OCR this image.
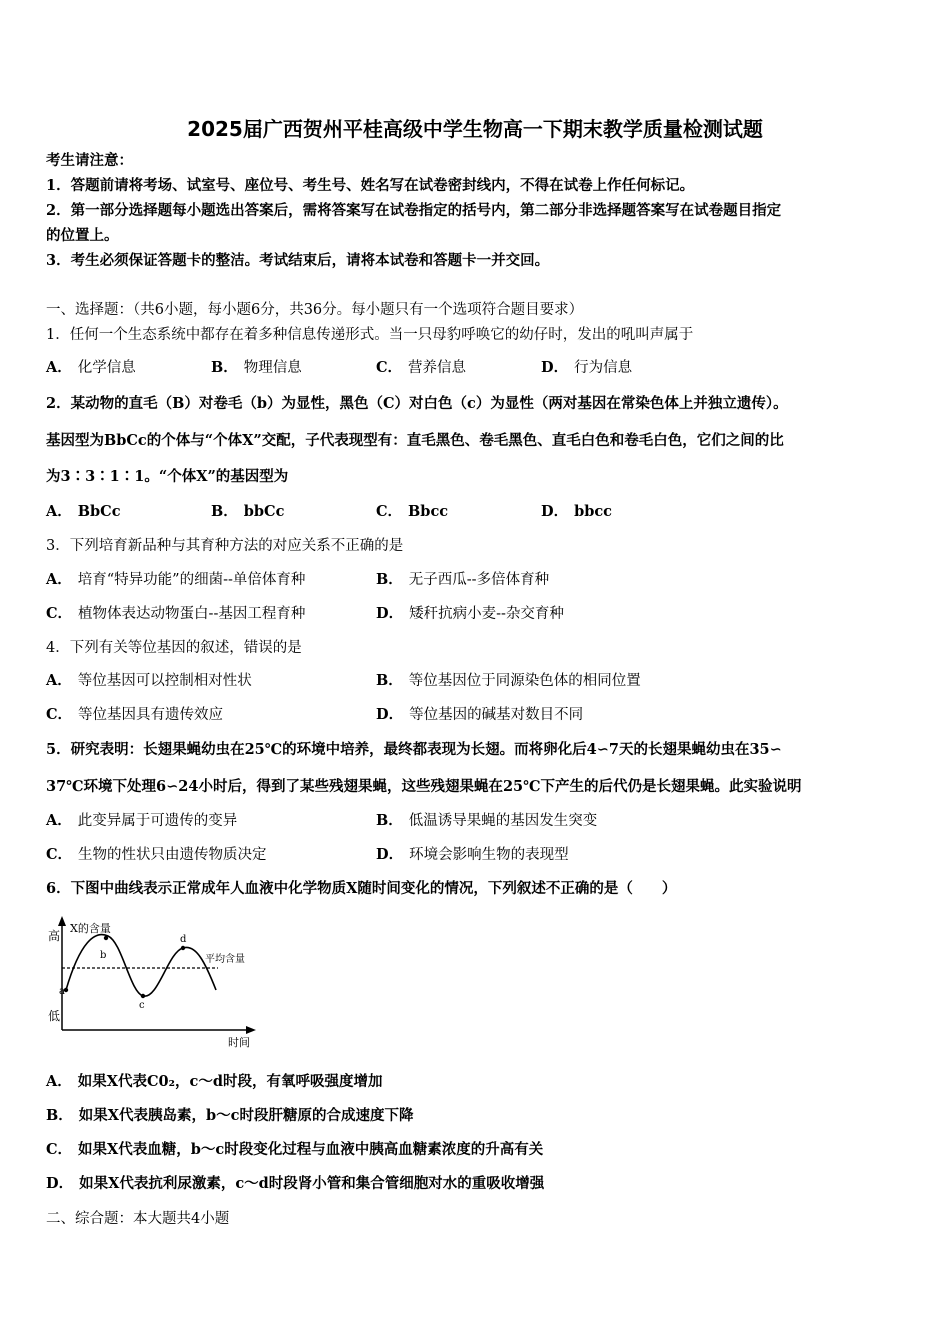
2025届广西贺州平桂高级中学生物高一下期末教学质量检测试题
考生请注意：
1．答题前请将考场、试室号、座位号、考生号、姓名写在试卷密封线内，不得在试卷上作任何标记。
2．第一部分选择题每小题选出答案后，需将答案写在试卷指定的括号内，第二部分非选择题答案写在试卷题目指定
的位置上。
3．考生必须保证答题卡的整洁。考试结束后，请将本试卷和答题卡一并交回。
一、选择题：（共6小题，每小题6分，共36分。每小题只有一个选项符合题目要求）
1．任何一个生态系统中都存在着多种信息传递形式。当一只母豹呼唤它的幼仔时，发出的吼叫声属于
A． 化学信息	B． 物理信息	C． 营养信息	D． 行为信息
2．某动物的直毛（B）对卷毛（b）为显性，黑色（C）对白色（c）为显性（两对基因在常染色体上并独立遗传）。
基因型为BbCc的个体与“个体X”交配，子代表现型有：直毛黑色、卷毛黑色、直毛白色和卷毛白色，它们之间的比
为3∶3∶1∶1。“个体X”的基因型为
A． BbCc	C． Bbcc
B． bbCc	D． bbcc
3．下列培育新品种与其育种方法的对应关系不正确的是
A． 培育“特异功能”的细菌--单倍体育种	B． 无子西瓜--多倍体育种
C． 植物体表达动物蛋白--基因工程育种	D． 矮秆抗病小麦--杂交育种
4．下列有关等位基因的叙述，错误的是
A． 等位基因可以控制相对性状	B． 等位基因位于同源染色体的相同位置
C． 等位基因具有遗传效应	D． 等位基因的碱基对数目不同
5．研究表明：长翅果蝇幼虫在25℃的环境中培养，最终都表现为长翅。而将卵化后4∽7天的长翅果蝇幼虫在35∽
37℃环境下处理6∽24小时后，得到了某些残翅果蝇，这些残翅果蝇在25℃下产生的后代仍是长翅果蝇。此实验说明
A． 此变异属于可遗传的变异	B． 低温诱导果蝇的基因发生突变
C． 生物的性状只由遗传物质决定	D． 环境会影响生物的表现型
6．下图中曲线表示正常成年人血液中化学物质X随时间变化的情况，下列叙述不正确的是（　　）
X的含量
高
低
时间
平均含量
a
b
c
d
A． 如果X代表C0₂，c～d时段，有氧呼吸强度增加
B． 如果X代表胰岛素，b～c时段肝糖原的合成速度下降
C． 如果X代表血糖，b～c时段变化过程与血液中胰高血糖素浓度的升高有关
D． 如果X代表抗利尿激素，c～d时段肾小管和集合管细胞对水的重吸收增强
二、综合题：本大题共4小题
